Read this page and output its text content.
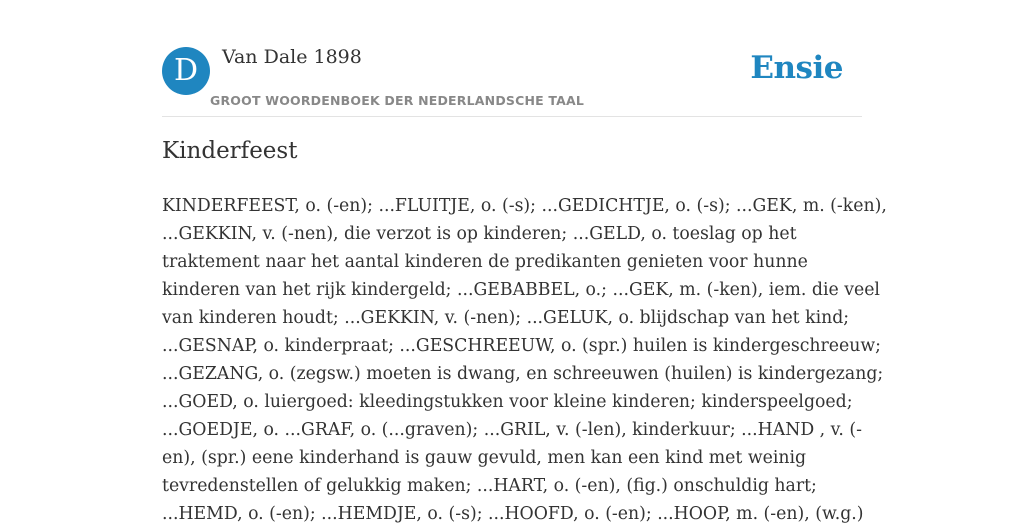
D	Van Dale 1898
GROOT WOORDENBOEK DER NEDERLANDSCHE TAAL
Ensie
Kinderfeest
KINDERFEEST, o. (-en); ...FLUITJE, o. (-s); ...GEDICHTJE, o. (-s); ...GEK, m. (-ken),
...GEKKIN, v. (-nen), die verzot is op kinderen; ...GELD, o. toeslag op het
traktement naar het aantal kinderen de predikanten genieten voor hunne
kinderen van het rijk kindergeld; ...GEBABBEL, o.; ...GEK, m. (-ken), iem. die veel
van kinderen houdt; ...GEKKIN, v. (-nen); ...GELUK, o. blijdschap van het kind;
...GESNAP, o. kinderpraat; ...GESCHREEUW, o. (spr.) huilen is kindergeschreeuw;
...GEZANG, o. (zegsw.) moeten is dwang, en schreeuwen (huilen) is kindergezang;
...GOED, o. luiergoed: kleedingstukken voor kleine kinderen; kinderspeelgoed;
...GOEDJE, o. ...GRAF, o. (...graven); ...GRIL, v. (-len), kinderkuur; ...HAND , v. (-
en), (spr.) eene kinderhand is gauw gevuld, men kan een kind met weinig
tevredenstellen of gelukkig maken; ...HART, o. (-en), (fig.) onschuldig hart;
...HEMD, o. (-en); ...HEMDJE, o. (-s); ...HOOFD, o. (-en); ...HOOP, m. (-en), (w.g.)
